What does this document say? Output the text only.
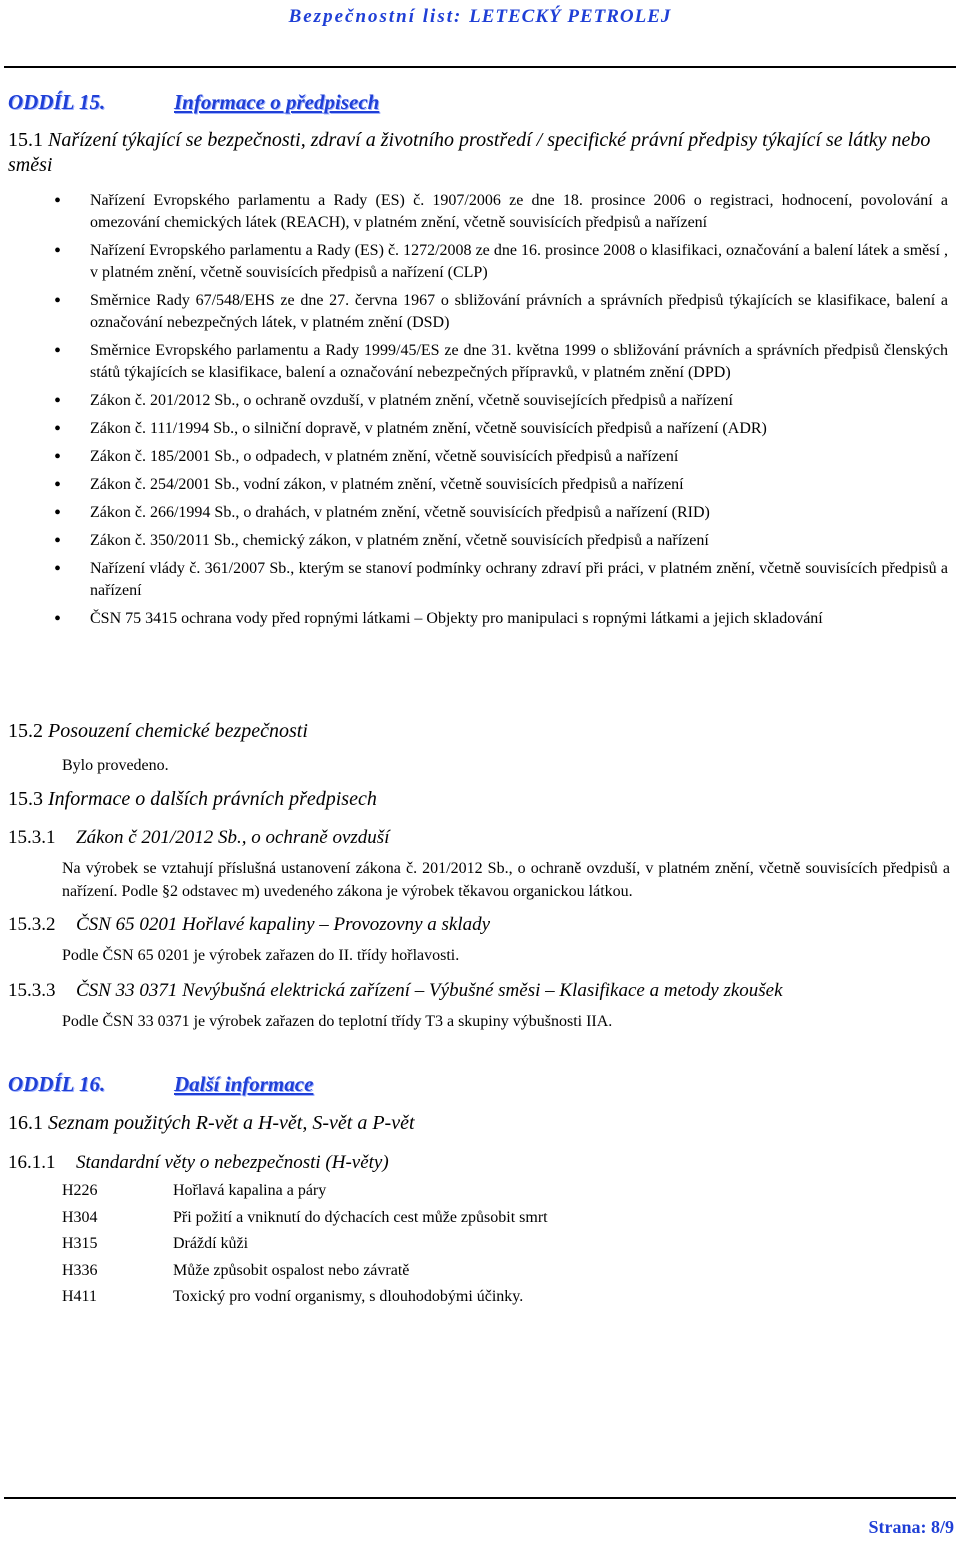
Bezpečnostní list: LETECKÝ PETROLEJ
ODDÍL 15.	Informace o předpisech
15.1 Nařízení týkající se bezpečnosti, zdraví a životního prostředí / specifické právní předpisy týkající se látky nebo směsi
• Nařízení Evropského parlamentu a Rady (ES) č. 1907/2006 ze dne 18. prosince 2006 o registraci, hodnocení, povolování a omezování chemických látek (REACH), v platném znění, včetně souvisících předpisů a nařízení
• Nařízení Evropského parlamentu a Rady (ES) č. 1272/2008 ze dne 16. prosince 2008 o klasifikaci, označování a balení látek a směsí , v platném znění, včetně souvisících předpisů a nařízení (CLP)
• Směrnice Rady 67/548/EHS ze dne 27. června 1967 o sbližování právních a správních předpisů týkajících se klasifikace, balení a označování nebezpečných látek, v platném znění (DSD)
• Směrnice Evropského parlamentu a Rady 1999/45/ES ze dne 31. května 1999 o sbližování právních a správních předpisů členských států týkajících se klasifikace, balení a označování nebezpečných přípravků, v platném znění (DPD)
• Zákon č. 201/2012 Sb., o ochraně ovzduší, v platném znění, včetně souvisejících předpisů a nařízení
• Zákon č. 111/1994 Sb., o silniční dopravě, v platném znění, včetně souvisících předpisů a nařízení (ADR)
• Zákon č. 185/2001 Sb., o odpadech, v platném znění, včetně souvisících předpisů a nařízení
• Zákon č. 254/2001 Sb., vodní zákon, v platném znění, včetně souvisících předpisů a nařízení
• Zákon č. 266/1994 Sb., o drahách, v platném znění, včetně souvisících předpisů a nařízení (RID)
• Zákon č. 350/2011 Sb., chemický zákon, v platném znění, včetně souvisících předpisů a nařízení
• Nařízení vlády č. 361/2007 Sb., kterým se stanoví podmínky ochrany zdraví při práci, v platném znění, včetně souvisících předpisů a nařízení
• ČSN 75 3415 ochrana vody před ropnými látkami – Objekty pro manipulaci s ropnými látkami a jejich skladování
15.2 Posouzení chemické bezpečnosti
Bylo provedeno.
15.3 Informace o dalších právních předpisech
15.3.1 Zákon č 201/2012 Sb., o ochraně ovzduší
Na výrobek se vztahují příslušná ustanovení zákona č. 201/2012 Sb., o ochraně ovzduší, v platném znění, včetně souvisících předpisů a nařízení. Podle §2 odstavec m) uvedeného zákona je výrobek těkavou organickou látkou.
15.3.2 ČSN 65 0201 Hořlavé kapaliny – Provozovny a sklady
Podle ČSN 65 0201 je výrobek zařazen do II. třídy hořlavosti.
15.3.3 ČSN 33 0371 Nevýbušná elektrická zařízení – Výbušné směsi – Klasifikace a metody zkoušek
Podle ČSN 33 0371 je výrobek zařazen do teplotní třídy T3 a skupiny výbušnosti IIA.
ODDÍL 16.	Další informace
16.1 Seznam použitých R-vět a H-vět, S-vět a P-vět
16.1.1 Standardní věty o nebezpečnosti (H-věty)
H226	Hořlavá kapalina a páry
H304	Při požití a vniknutí do dýchacích cest může způsobit smrt
H315	Dráždí kůži
H336	Může způsobit ospalost nebo závratě
H411	Toxický pro vodní organismy, s dlouhodobými účinky.
Strana: 8/9
